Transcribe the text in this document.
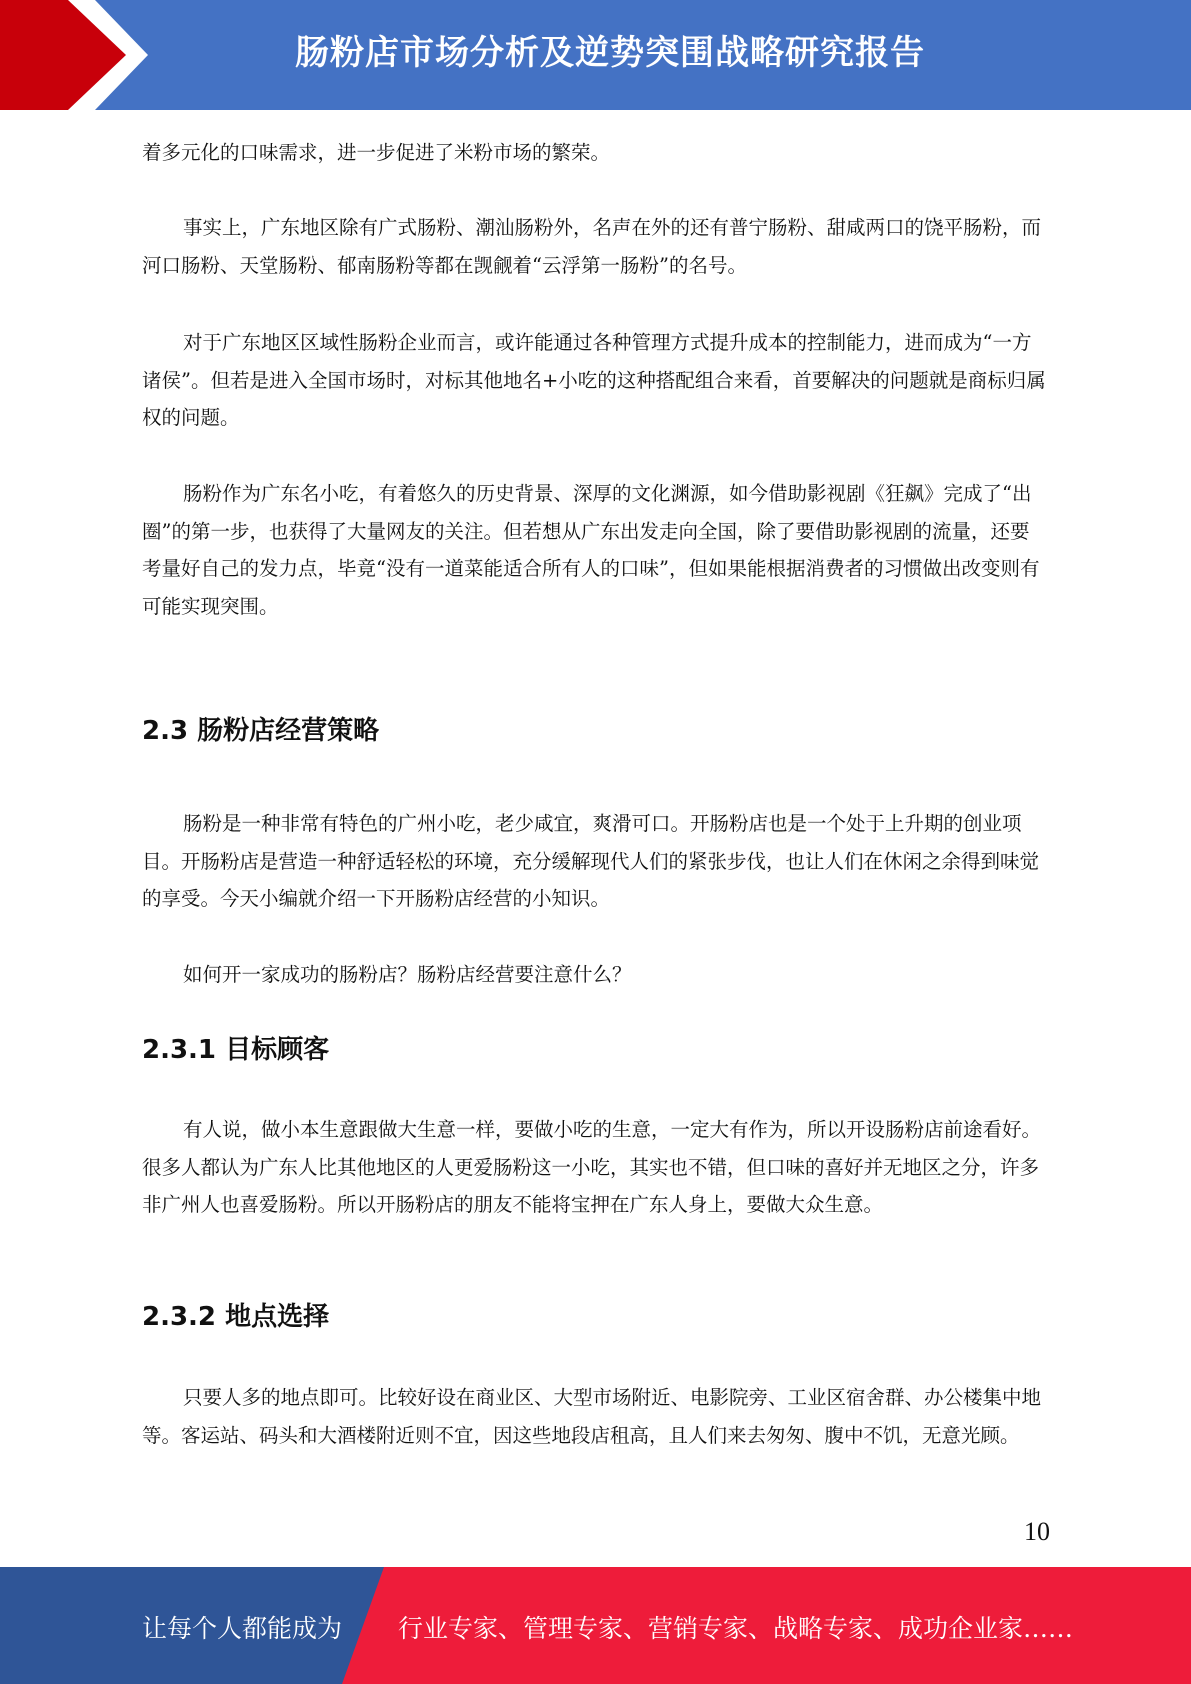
肠粉店市场分析及逆势突围战略研究报告

着多元化的口味需求，进一步促进了米粉市场的繁荣。

事实上，广东地区除有广式肠粉、潮汕肠粉外，名声在外的还有普宁肠粉、甜咸两口的饶平肠粉，而河口肠粉、天堂肠粉、郁南肠粉等都在觊觎着“云浮第一肠粉”的名号。

对于广东地区区域性肠粉企业而言，或许能通过各种管理方式提升成本的控制能力，进而成为“一方诸侯”。但若是进入全国市场时，对标其他地名+小吃的这种搭配组合来看，首要解决的问题就是商标归属权的问题。

肠粉作为广东名小吃，有着悠久的历史背景、深厚的文化渊源，如今借助影视剧《狂飙》完成了“出圈”的第一步，也获得了大量网友的关注。但若想从广东出发走向全国，除了要借助影视剧的流量，还要考量好自己的发力点，毕竟“没有一道菜能适合所有人的口味”，但如果能根据消费者的习惯做出改变则有可能实现突围。

2.3 肠粉店经营策略

肠粉是一种非常有特色的广州小吃，老少咸宜，爽滑可口。开肠粉店也是一个处于上升期的创业项目。开肠粉店是营造一种舒适轻松的环境，充分缓解现代人们的紧张步伐，也让人们在休闲之余得到味觉的享受。今天小编就介绍一下开肠粉店经营的小知识。

如何开一家成功的肠粉店？肠粉店经营要注意什么？

2.3.1 目标顾客

有人说，做小本生意跟做大生意一样，要做小吃的生意，一定大有作为，所以开设肠粉店前途看好。很多人都认为广东人比其他地区的人更爱肠粉这一小吃，其实也不错，但口味的喜好并无地区之分，许多非广州人也喜爱肠粉。所以开肠粉店的朋友不能将宝押在广东人身上，要做大众生意。

2.3.2 地点选择

只要人多的地点即可。比较好设在商业区、大型市场附近、电影院旁、工业区宿舍群、办公楼集中地等。客运站、码头和大酒楼附近则不宜，因这些地段店租高，且人们来去匆匆、腹中不饥，无意光顾。

10
让每个人都能成为 行业专家、管理专家、营销专家、战略专家、成功企业家……
